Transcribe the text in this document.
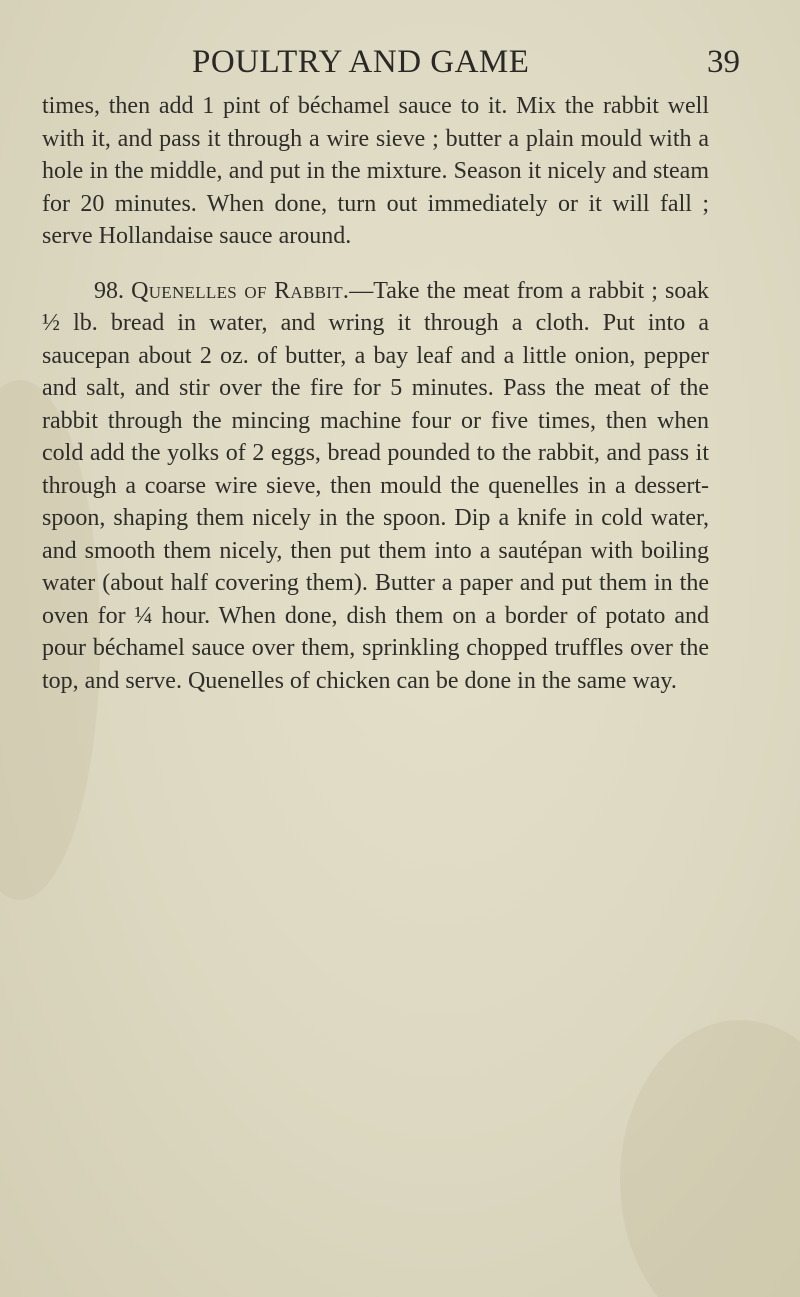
POULTRY AND GAME	39

times, then add 1 pint of béchamel sauce to it. Mix the rabbit well with it, and pass it through a wire sieve ; butter a plain mould with a hole in the middle, and put in the mixture. Season it nicely and steam for 20 minutes. When done, turn out immediately or it will fall ; serve Hollandaise sauce around.

98. Quenelles of Rabbit.—Take the meat from a rabbit ; soak ½ lb. bread in water, and wring it through a cloth. Put into a saucepan about 2 oz. of butter, a bay leaf and a little onion, pepper and salt, and stir over the fire for 5 minutes. Pass the meat of the rabbit through the mincing machine four or five times, then when cold add the yolks of 2 eggs, bread pounded to the rabbit, and pass it through a coarse wire sieve, then mould the quenelles in a dessert-spoon, shaping them nicely in the spoon. Dip a knife in cold water, and smooth them nicely, then put them into a sautépan with boiling water (about half covering them). Butter a paper and put them in the oven for ¼ hour. When done, dish them on a border of potato and pour béchamel sauce over them, sprinkling chopped truffles over the top, and serve. Quenelles of chicken can be done in the same way.
